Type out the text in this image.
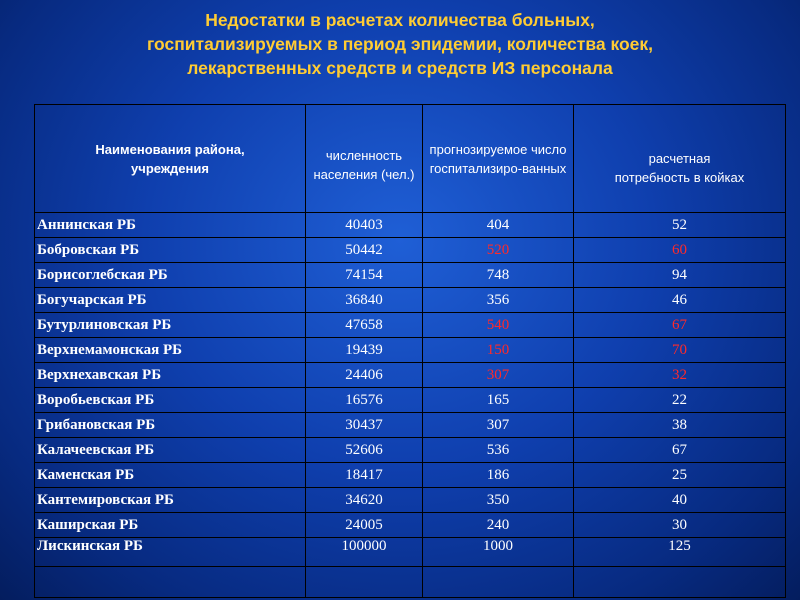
Недостатки в расчетах количества больных,
госпитализируемых в период эпидемии, количества коек,
лекарственных средств и средств ИЗ персонала
Наименования района, учреждения	численность населения (чел.)	прогнозируемое число госпитализиро-ванных	расчетная потребность в койках
Аннинская РБ	40403	404	52
Бобровская РБ	50442	520	60
Борисоглебская РБ	74154	748	94
Богучарская РБ	36840	356	46
Бутурлиновская РБ	47658	540	67
Верхнемамонская РБ	19439	150	70
Верхнехавская РБ	24406	307	32
Воробьевская РБ	16576	165	22
Грибановская РБ	30437	307	38
Калачеевская РБ	52606	536	67
Каменская РБ	18417	186	25
Кантемировская РБ	34620	350	40
Каширская РБ	24005	240	30
Лискинская РБ	100000	1000	125
